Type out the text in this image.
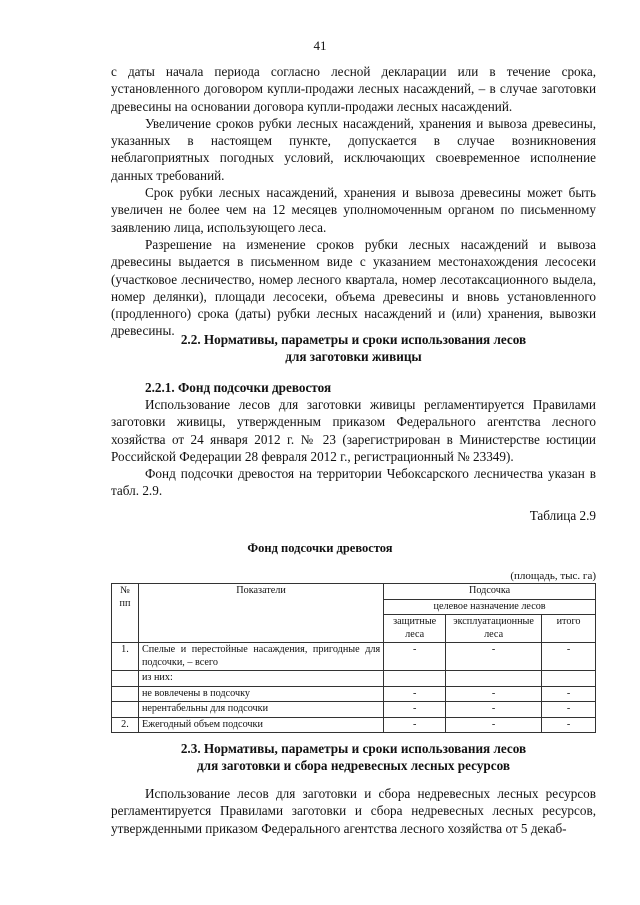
41

с даты начала периода согласно лесной декларации или в течение срока, установленного договором купли-продажи лесных насаждений, – в случае заготовки древесины на основании договора купли-продажи лесных насаждений.

Увеличение сроков рубки лесных насаждений, хранения и вывоза древесины, указанных в настоящем пункте, допускается в случае возникновения неблагоприятных погодных условий, исключающих своевременное исполнение данных требований.

Срок рубки лесных насаждений, хранения и вывоза древесины может быть увеличен не более чем на 12 месяцев уполномоченным органом по письменному заявлению лица, использующего леса.

Разрешение на изменение сроков рубки лесных насаждений и вывоза древесины выдается в письменном виде с указанием местонахождения лесосеки (участковое лесничество, номер лесного квартала, номер лесотаксационного выдела, номер делянки), площади лесосеки, объема древесины и вновь установленного (продленного) срока (даты) рубки лесных насаждений и (или) хранения, вывозки древесины.

2.2. Нормативы, параметры и сроки использования лесов
для заготовки живицы
2.2.1. Фонд подсочки древостоя

Использование лесов для заготовки живицы регламентируется Правилами заготовки живицы, утвержденным приказом Федерального агентства лесного хозяйства от 24 января 2012 г. № 23 (зарегистрирован в Министерстве юстиции Российской Федерации 28 февраля 2012 г., регистрационный № 23349).

Фонд подсочки древостоя на территории Чебоксарского лесничества указан в табл. 2.9.

Таблица 2.9
Фонд подсочки древостоя
(площадь, тыс. га)
№ пп	Показатели	Подсочка		
		целевое назначение лесов		
		защитные леса	эксплуатационные леса	итого
1.	Спелые и перестойные насаждения, пригодные для подсочки, – всего	-	-	-
	из них:			
	не вовлечены в подсочку	-	-	-
	нерентабельны для подсочки	-	-	-
2.	Ежегодный объем подсочки	-	-	-
2.3. Нормативы, параметры и сроки использования лесов
для заготовки и сбора недревесных лесных ресурсов

Использование лесов для заготовки и сбора недревесных лесных ресурсов регламентируется Правилами заготовки и сбора недревесных лесных ресурсов, утвержденными приказом Федерального агентства лесного хозяйства от 5 декаб-
